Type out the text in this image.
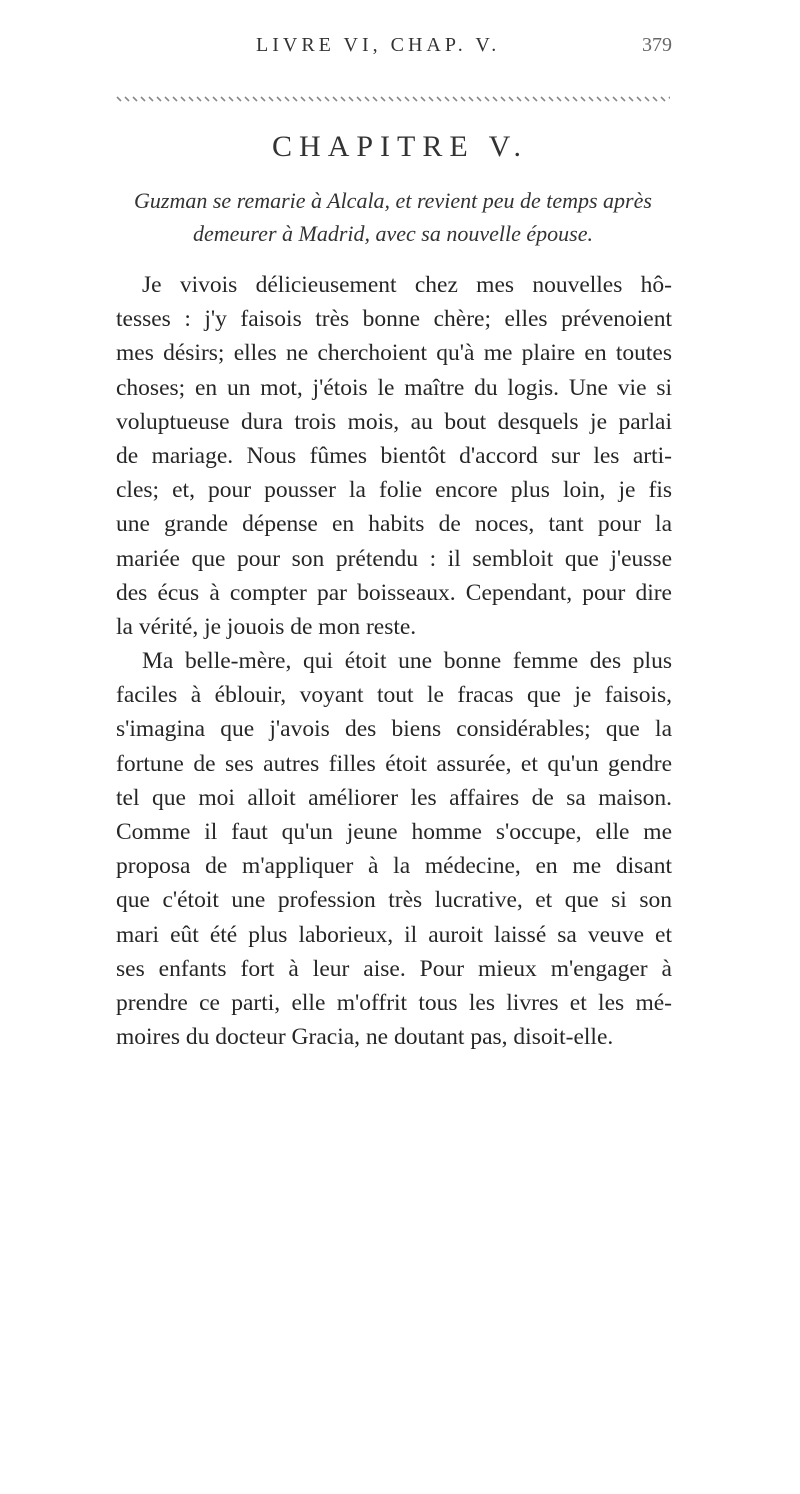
LIVRE VI, CHAP. V.	379
CHAPITRE V.
Guzman se remarie à Alcala, et revient peu de temps après
demeurer à Madrid, avec sa nouvelle épouse.
Je vivois délicieusement chez mes nouvelles hô-
tesses : j'y faisois très bonne chère; elles prévenoient
mes désirs; elles ne cherchoient qu'à me plaire en toutes
choses; en un mot, j'étois le maître du logis. Une vie si
voluptueuse dura trois mois, au bout desquels je parlai
de mariage. Nous fûmes bientôt d'accord sur les arti-
cles; et, pour pousser la folie encore plus loin, je fis
une grande dépense en habits de noces, tant pour la
mariée que pour son prétendu : il sembloit que j'eusse
des écus à compter par boisseaux. Cependant, pour dire
la vérité, je jouois de mon reste.
Ma belle-mère, qui étoit une bonne femme des plus
faciles à éblouir, voyant tout le fracas que je faisois,
s'imagina que j'avois des biens considérables; que la
fortune de ses autres filles étoit assurée, et qu'un gendre
tel que moi alloit améliorer les affaires de sa maison.
Comme il faut qu'un jeune homme s'occupe, elle me
proposa de m'appliquer à la médecine, en me disant
que c'étoit une profession très lucrative, et que si son
mari eût été plus laborieux, il auroit laissé sa veuve et
ses enfants fort à leur aise. Pour mieux m'engager à
prendre ce parti, elle m'offrit tous les livres et les mé-
moires du docteur Gracia, ne doutant pas, disoit-elle.
